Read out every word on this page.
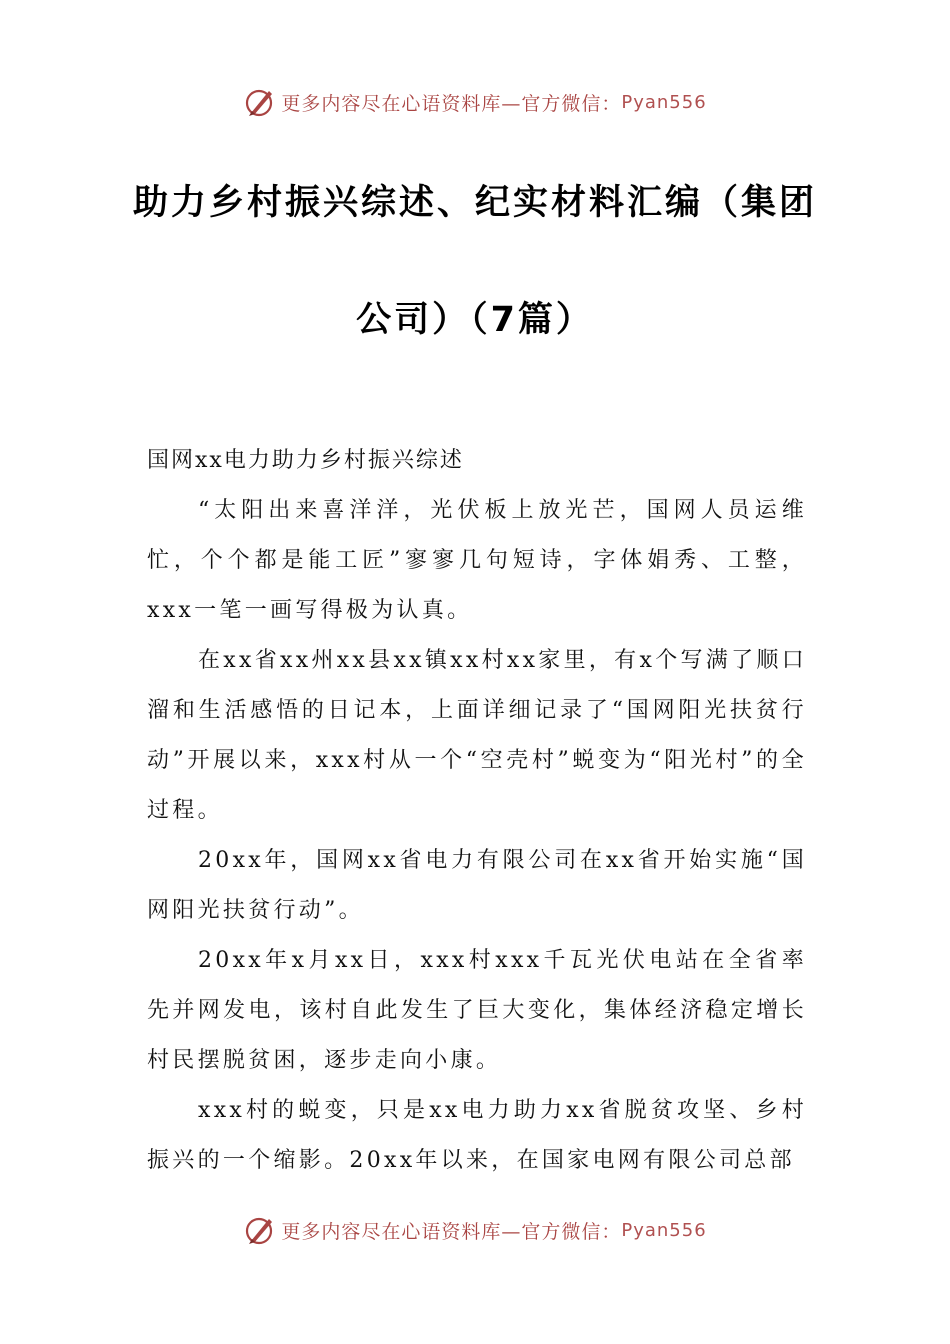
更多内容尽在心语资料库—官方微信： Pyan556
助力乡村振兴综述、纪实材料汇编（集团
公司）（7篇）

国网xx电力助力乡村振兴综述

“太阳出来喜洋洋，光伏板上放光芒，国网人员运维忙，个个都是能工匠”寥寥几句短诗，字体娟秀、工整，xxx一笔一画写得极为认真。

在xx省xx州xx县xx镇xx村xx家里，有x个写满了顺口溜和生活感悟的日记本，上面详细记录了“国网阳光扶贫行动”开展以来，xxx村从一个“空壳村”蜕变为“阳光村”的全过程。

20xx年，国网xx省电力有限公司在xx省开始实施“国网阳光扶贫行动”。

20xx年x月xx日，xxx村xxx千瓦光伏电站在全省率先并网发电，该村自此发生了巨大变化，集体经济稳定增长村民摆脱贫困，逐步走向小康。

xxx村的蜕变，只是xx电力助力xx省脱贫攻坚、乡村振兴的一个缩影。20xx年以来，在国家电网有限公司总部

更多内容尽在心语资料库—官方微信： Pyan556
